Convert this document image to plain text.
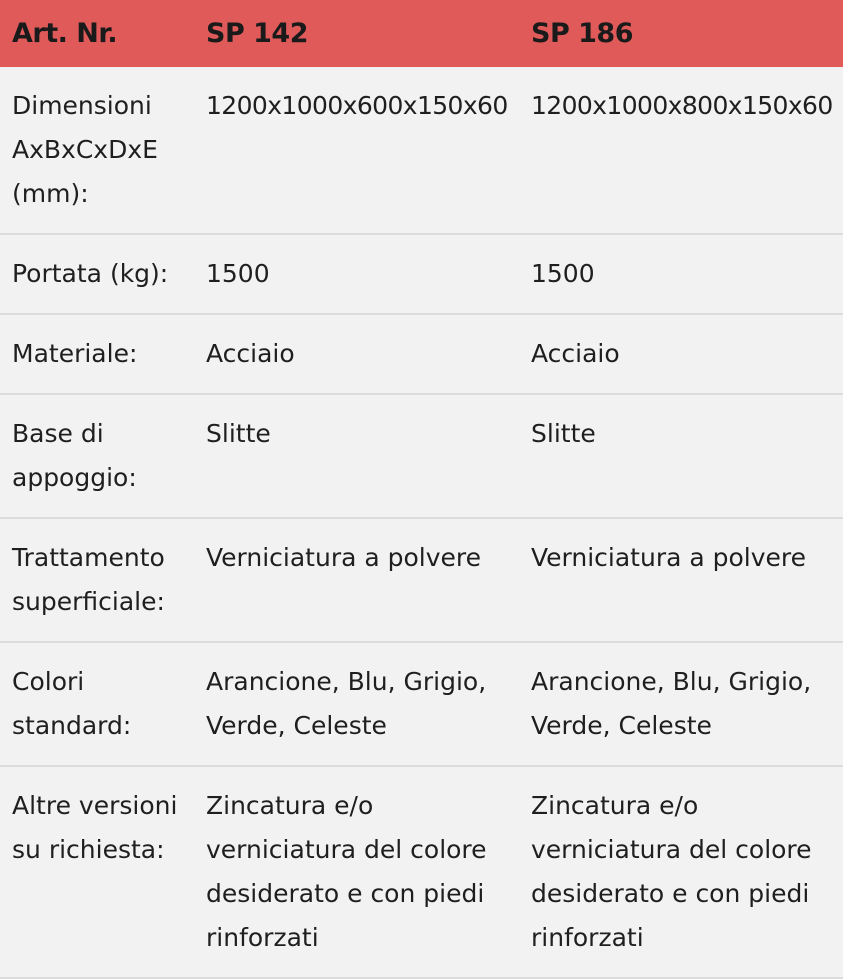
Art. Nr.	SP 142	SP 186
Dimensioni AxBxCxDxE (mm):	1200x1000x600x150x60	1200x1000x800x150x60
Portata (kg):	1500	1500
Materiale:	Acciaio	Acciaio
Base di appoggio:	Slitte	Slitte
Trattamento superficiale:	Verniciatura a polvere	Verniciatura a polvere
Colori standard:	Arancione, Blu, Grigio, Verde, Celeste	Arancione, Blu, Grigio, Verde, Celeste
Altre versioni su richiesta:	Zincatura e/o verniciatura del colore desiderato e con piedi rinforzati	Zincatura e/o verniciatura del colore desiderato e con piedi rinforzati
